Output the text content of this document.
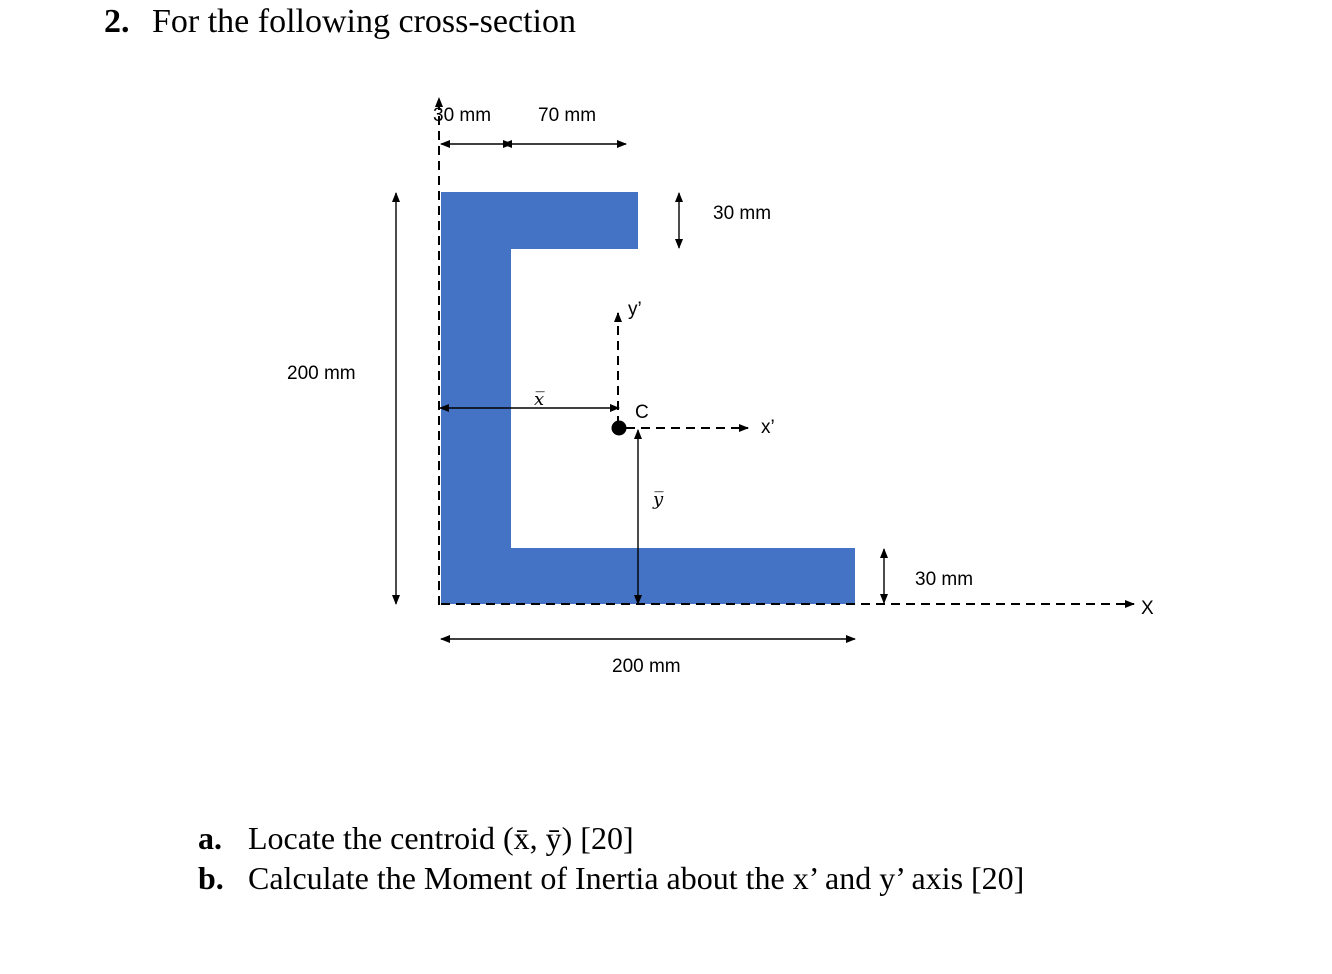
2. For the following cross-section
X
30 mm 70 mm
30 mm
200 mm
y’
x’
x̅
y̅
C
30 mm
200 mm
a. Locate the centroid (x̄, ȳ) [20]
b. Calculate the Moment of Inertia about the x’ and y’ axis [20]
